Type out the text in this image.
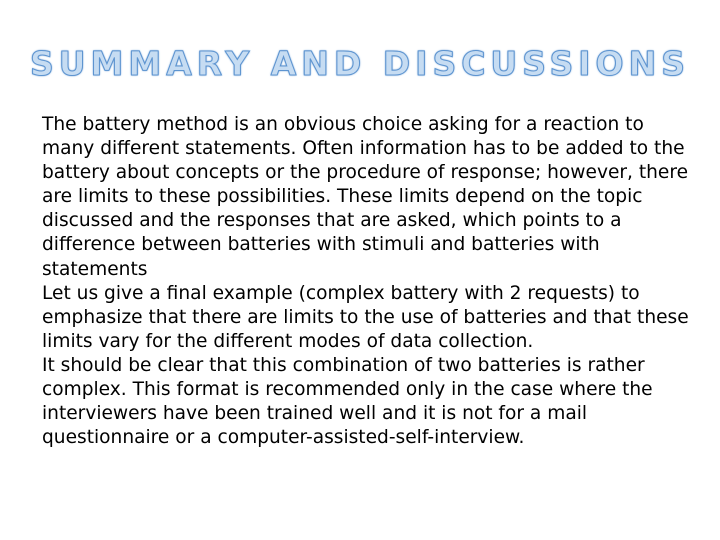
SUMMARY AND DISCUSSIONS

The battery method is an obvious choice asking for a reaction to many different statements. Often information has to be added to the battery about concepts or the procedure of response; however, there are limits to these possibilities. These limits depend on the topic discussed and the responses that are asked, which points to a difference between batteries with stimuli and batteries with statements

Let us give a final example (complex battery with 2 requests) to emphasize that there are limits to the use of batteries and that these limits vary for the different modes of data collection.

It should be clear that this combination of two batteries is rather complex. This format is recommended only in the case where the interviewers have been trained well and it is not for a mail questionnaire or a computer-assisted-self-interview.
